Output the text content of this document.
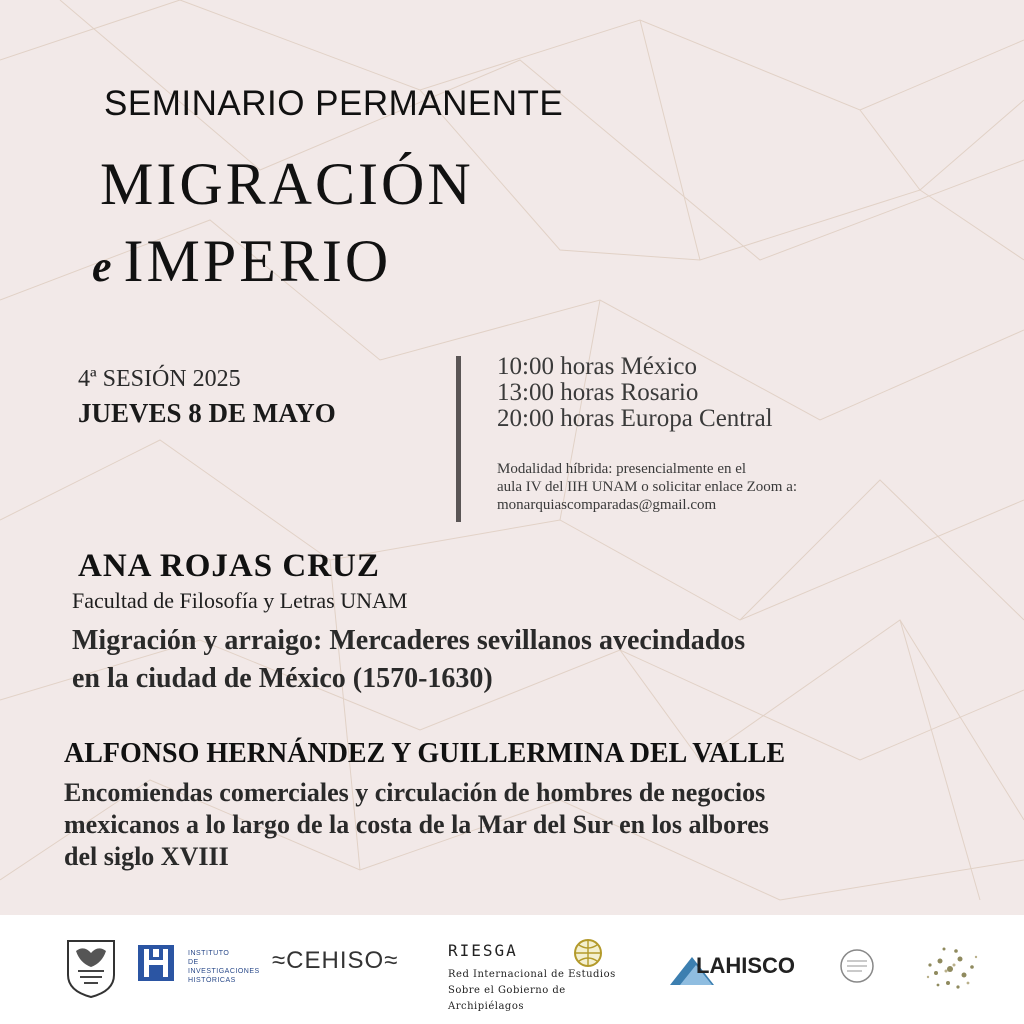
SEMINARIO PERMANENTE
MIGRACIÓN
e IMPERIO
4ª SESIÓN 2025
JUEVES 8 DE MAYO
10:00 horas México
13:00 horas Rosario
20:00 horas Europa Central
Modalidad híbrida: presencialmente en el
aula IV del IIH UNAM o solicitar enlace Zoom a:
monarquiascomparadas@gmail.com
ANA ROJAS CRUZ
Facultad de Filosofía y Letras UNAM
Migración y arraigo: Mercaderes sevillanos avecindados
en la ciudad de México (1570-1630)
ALFONSO HERNÁNDEZ Y GUILLERMINA DEL VALLE
Encomiendas comerciales y circulación de hombres de negocios
mexicanos a lo largo de la costa de la Mar del Sur en los albores
del siglo XVIII
INSTITUTO
DE INVESTIGACIONES
HISTÓRICAS
≈CEHISO≈	RIESGA
Red Internacional de Estudios
Sobre el Gobierno de Archipiélagos
LAHISCO
